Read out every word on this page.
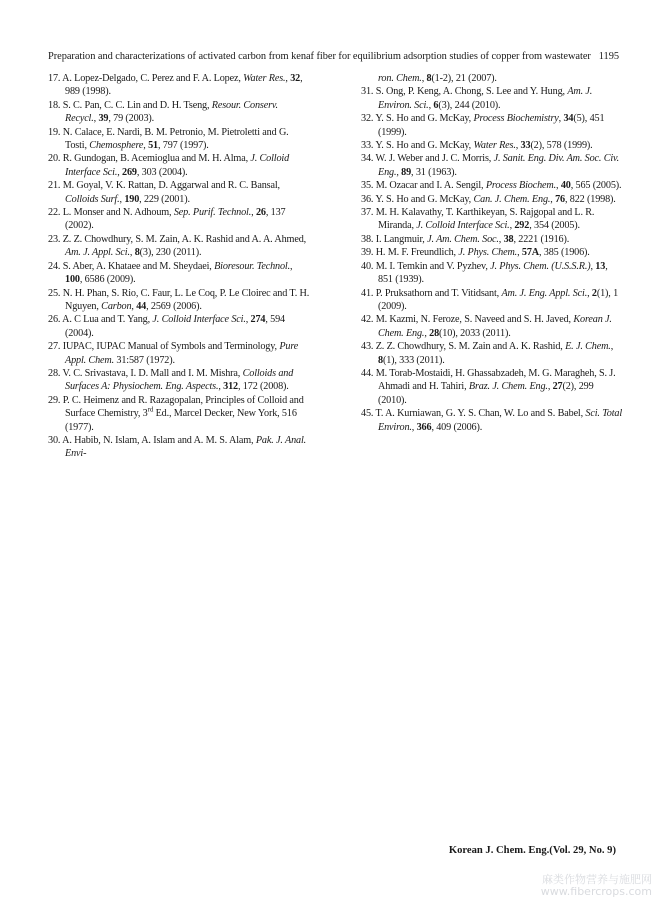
Preparation and characterizations of activated carbon from kenaf fiber for equilibrium adsorption studies of copper from wastewater 1195

17. A. Lopez-Delgado, C. Perez and F. A. Lopez, Water Res., 32, 989 (1998).

18. S. C. Pan, C. C. Lin and D. H. Tseng, Resour. Conserv. Recycl., 39, 79 (2003).

19. N. Calace, E. Nardi, B. M. Petronio, M. Pietroletti and G. Tosti, Chemosphere, 51, 797 (1997).

20. R. Gundogan, B. Acemioglua and M. H. Alma, J. Colloid Interface Sci., 269, 303 (2004).

21. M. Goyal, V. K. Rattan, D. Aggarwal and R. C. Bansal, Colloids Surf., 190, 229 (2001).

22. L. Monser and N. Adhoum, Sep. Purif. Technol., 26, 137 (2002).

23. Z. Z. Chowdhury, S. M. Zain, A. K. Rashid and A. A. Ahmed, Am. J. Appl. Sci., 8(3), 230 (2011).

24. S. Aber, A. Khataee and M. Sheydaei, Bioresour. Technol., 100, 6586 (2009).

25. N. H. Phan, S. Rio, C. Faur, L. Le Coq, P. Le Cloirec and T. H. Nguyen, Carbon, 44, 2569 (2006).

26. A. C Lua and T. Yang, J. Colloid Interface Sci., 274, 594 (2004).

27. IUPAC, IUPAC Manual of Symbols and Terminology, Pure Appl. Chem. 31:587 (1972).

28. V. C. Srivastava, I. D. Mall and I. M. Mishra, Colloids and Surfaces A: Physiochem. Eng. Aspects., 312, 172 (2008).

29. P. C. Heimenz and R. Razagopalan, Principles of Colloid and Surface Chemistry, 3rd Ed., Marcel Decker, New York, 516 (1977).

30. A. Habib, N. Islam, A. Islam and A. M. S. Alam, Pak. J. Anal. Envi-

ron. Chem., 8(1-2), 21 (2007).

31. S. Ong, P. Keng, A. Chong, S. Lee and Y. Hung, Am. J. Environ. Sci., 6(3), 244 (2010).

32. Y. S. Ho and G. McKay, Process Biochemistry, 34(5), 451 (1999).

33. Y. S. Ho and G. McKay, Water Res., 33(2), 578 (1999).

34. W. J. Weber and J. C. Morris, J. Sanit. Eng. Div. Am. Soc. Civ. Eng., 89, 31 (1963).

35. M. Ozacar and I. A. Sengil, Process Biochem., 40, 565 (2005).

36. Y. S. Ho and G. McKay, Can. J. Chem. Eng., 76, 822 (1998).

37. M. H. Kalavathy, T. Karthikeyan, S. Rajgopal and L. R. Miranda, J. Colloid Interface Sci., 292, 354 (2005).

38. I. Langmuir, J. Am. Chem. Soc., 38, 2221 (1916).

39. H. M. F. Freundlich, J. Phys. Chem., 57A, 385 (1906).

40. M. I. Temkin and V. Pyzhev, J. Phys. Chem. (U.S.S.R.), 13, 851 (1939).

41. P. Pruksathorn and T. Vitidsant, Am. J. Eng. Appl. Sci., 2(1), 1 (2009).

42. M. Kazmi, N. Feroze, S. Naveed and S. H. Javed, Korean J. Chem. Eng., 28(10), 2033 (2011).

43. Z. Z. Chowdhury, S. M. Zain and A. K. Rashid, E. J. Chem., 8(1), 333 (2011).

44. M. Torab-Mostaidi, H. Ghassabzadeh, M. G. Maragheh, S. J. Ahmadi and H. Tahiri, Braz. J. Chem. Eng., 27(2), 299 (2010).

45. T. A. Kurniawan, G. Y. S. Chan, W. Lo and S. Babel, Sci. Total Environ., 366, 409 (2006).

Korean J. Chem. Eng.(Vol. 29, No. 9)
麻类作物营养与施肥网
www.fibercrops.com
